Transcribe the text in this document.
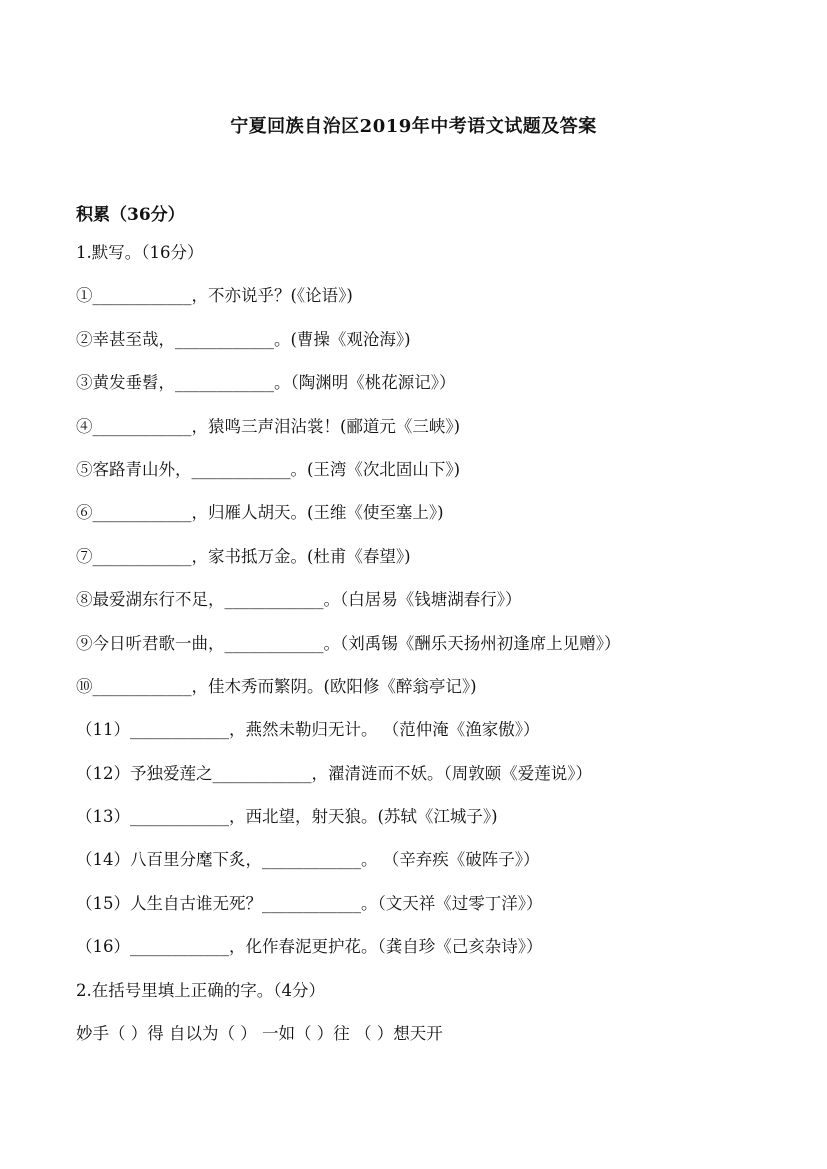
宁夏回族自治区2019年中考语文试题及答案
积累（36分）
1.默写。（16分）
①____________，不亦说乎？(《论语》)
②幸甚至哉，____________。(曹操《观沧海》)
③黄发垂髫，____________。（陶渊明《桃花源记》）
④____________，猿鸣三声泪沾裳！(郦道元《三峡》)
⑤客路青山外，____________。(王湾《次北固山下》)
⑥____________，归雁人胡天。(王维《使至塞上》)
⑦____________，家书抵万金。(杜甫《春望》)
⑧最爱湖东行不足，____________。（白居易《钱塘湖春行》）
⑨今日听君歌一曲，____________。（刘禹锡《酬乐天扬州初逢席上见赠》）
⑩____________，佳木秀而繁阴。(欧阳修《醉翁亭记》)
（11）____________，燕然未勒归无计。 （范仲淹《渔家傲》）
（12）予独爱莲之____________，濯清涟而不妖。（周敦颐《爱莲说》）
（13）____________，西北望，射天狼。(苏轼《江城子》)
（14）八百里分麾下炙，____________。 （辛弃疾《破阵子》）
（15）人生自古谁无死？____________。（文天祥《过零丁洋》）
（16）____________，化作春泥更护花。（龚自珍《己亥杂诗》）
2.在括号里填上正确的字。（4分）
妙手（ ）得 自以为（ ） 一如（ ）往 （ ）想天开
